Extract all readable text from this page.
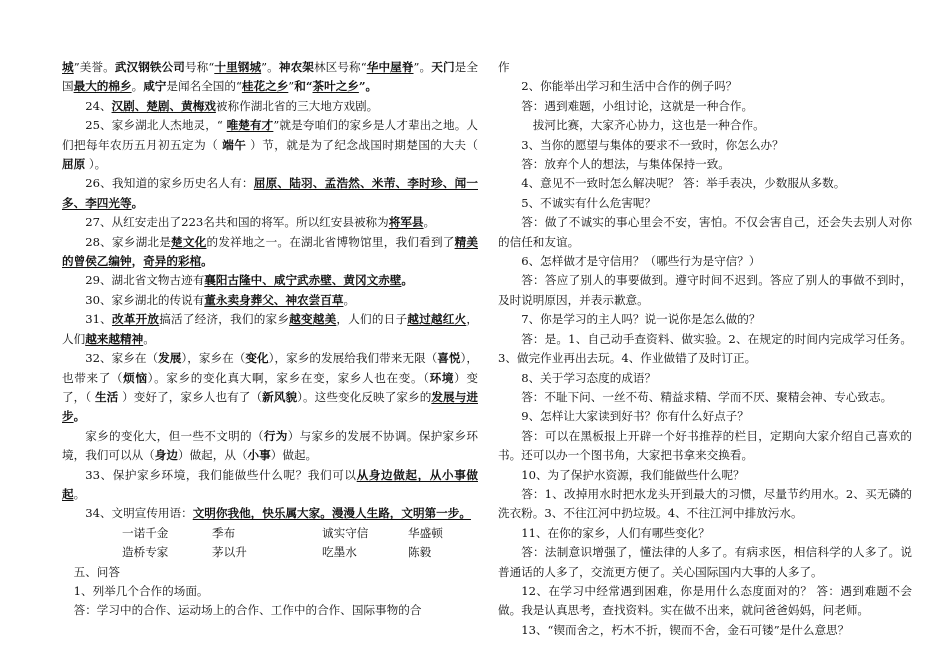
城”美誉。武汉钢铁公司号称“十里钢城”。神农架林区号称“华中屋脊”。天门是全国最大的棉乡。咸宁是闻名全国的“桂花之乡”和“茶叶之乡”。

24、汉剧、楚剧、黄梅戏被称作湖北省的三大地方戏剧。

25、家乡湖北人杰地灵，“ 唯楚有才”就是夸咱们的家乡是人才辈出之地。人们把每年农历五月初五定为（ 端午 ）节，就是为了纪念战国时期楚国的大夫（ 屈原 ）。

26、我知道的家乡历史名人有：屈原、陆羽、孟浩然、米芾、李时珍、闻一多、李四光等。

27、从红安走出了223名共和国的将军。所以红安县被称为将军县。

28、家乡湖北是楚文化的发祥地之一。在湖北省博物馆里，我们看到了精美的曾侯乙编钟，奇异的彩棺。

29、湖北省文物古迹有襄阳古隆中、咸宁武赤壁、黄冈文赤壁。

30、家乡湖北的传说有董永卖身葬父、神农尝百草。

31、改革开放搞活了经济，我们的家乡越变越美，人们的日子越过越红火，人们越来越精神。

32、家乡在（发展），家乡在（变化），家乡的发展给我们带来无限（喜悦），也带来了（烦恼）。家乡的变化真大啊，家乡在变，家乡人也在变。（环境）变了，（ 生活 ）变好了，家乡人也有了（新风貌）。这些变化反映了家乡的发展与进步。

家乡的变化大，但一些不文明的（行为）与家乡的发展不协调。保护家乡环境，我们可以从（身边）做起，从（小事）做起。

33、保护家乡环境，我们能做些什么呢？我们可以从身边做起，从小事做起。

34、文明宣传用语：文明你我他，快乐属大家。漫漫人生路，文明第一步。

一诺千金	季布	诚实守信	华盛顿
造桥专家	茅以升	吃墨水	陈毅

五、问答

1、列举几个合作的场面。

答：学习中的合作、运动场上的合作、工作中的合作、国际事物的合

作

2、你能举出学习和生活中合作的例子吗？

答：遇到难题，小组讨论，这就是一种合作。

拔河比赛，大家齐心协力，这也是一种合作。

3、当你的愿望与集体的要求不一致时，你怎么办？

答：放弃个人的想法，与集体保持一致。

4、意见不一致时怎么解决呢？ 答：举手表决，少数服从多数。

5、不诚实有什么危害呢？

答：做了不诚实的事心里会不安，害怕。不仅会害自己，还会失去别人对你的信任和友谊。

6、怎样做才是守信用？（哪些行为是守信？）

答：答应了别人的事要做到。遵守时间不迟到。答应了别人的事做不到时，及时说明原因，并表示歉意。

7、你是学习的主人吗？说一说你是怎么做的？

答：是。1、自己动手查资料、做实验。2、在规定的时间内完成学习任务。3、做完作业再出去玩。4、作业做错了及时订正。

8、关于学习态度的成语？

答：不耻下问、一丝不苟、精益求精、学而不厌、聚精会神、专心致志。

9、怎样让大家读到好书？你有什么好点子？

答：可以在黑板报上开辟一个好书推荐的栏目，定期向大家介绍自己喜欢的书。还可以办一个图书角，大家把书拿来交换看。

10、为了保护水资源，我们能做些什么呢？

答：1、改掉用水时把水龙头开到最大的习惯，尽量节约用水。2、买无磷的洗衣粉。3、不往江河中扔垃圾。4、不往江河中排放污水。

11、在你的家乡，人们有哪些变化？

答：法制意识增强了，懂法律的人多了。有病求医，相信科学的人多了。说普通话的人多了，交流更方便了。关心国际国内大事的人多了。

12、在学习中经常遇到困难，你是用什么态度面对的？ 答：遇到难题不会做。我是认真思考，查找资料。实在做不出来，就问爸爸妈妈，问老师。

13、“锲而舍之，朽木不折，锲而不舍，金石可镂”是什么意思？
